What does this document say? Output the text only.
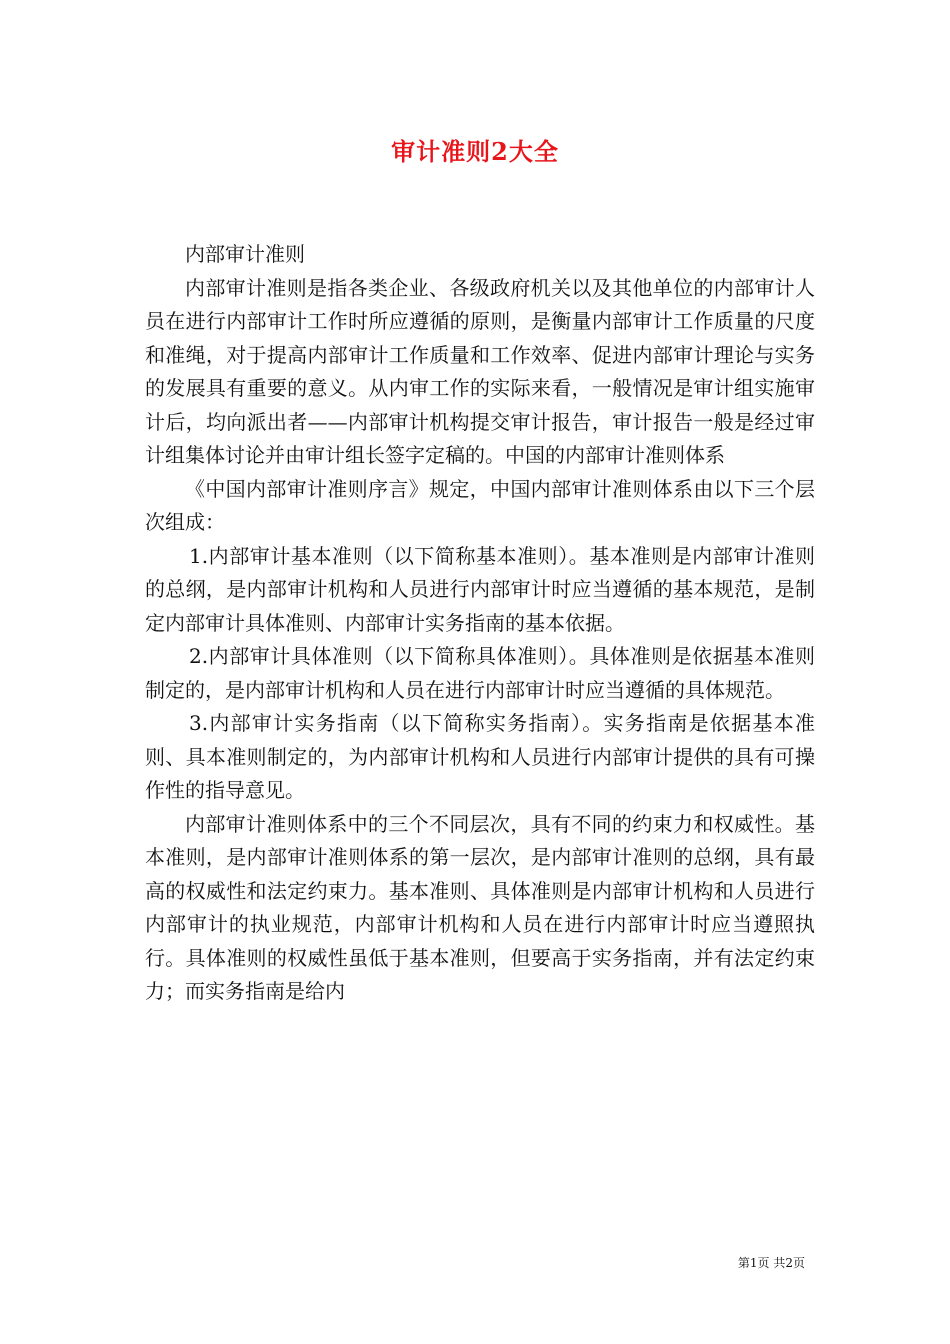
审计准则2大全

内部审计准则

内部审计准则是指各类企业、各级政府机关以及其他单位的内部审计人员在进行内部审计工作时所应遵循的原则，是衡量内部审计工作质量的尺度和准绳，对于提高内部审计工作质量和工作效率、促进内部审计理论与实务的发展具有重要的意义。从内审工作的实际来看，一般情况是审计组实施审计后，均向派出者——内部审计机构提交审计报告，审计报告一般是经过审计组集体讨论并由审计组长签字定稿的。中国的内部审计准则体系

《中国内部审计准则序言》规定，中国内部审计准则体系由以下三个层次组成：

1.内部审计基本准则（以下简称基本准则）。基本准则是内部审计准则的总纲，是内部审计机构和人员进行内部审计时应当遵循的基本规范，是制定内部审计具体准则、内部审计实务指南的基本依据。

2.内部审计具体准则（以下简称具体准则）。具体准则是依据基本准则制定的，是内部审计机构和人员在进行内部审计时应当遵循的具体规范。

3.内部审计实务指南（以下简称实务指南）。实务指南是依据基本准则、具本准则制定的，为内部审计机构和人员进行内部审计提供的具有可操作性的指导意见。

内部审计准则体系中的三个不同层次，具有不同的约束力和权威性。基本准则，是内部审计准则体系的第一层次，是内部审计准则的总纲，具有最高的权威性和法定约束力。基本准则、具体准则是内部审计机构和人员进行内部审计的执业规范，内部审计机构和人员在进行内部审计时应当遵照执行。具体准则的权威性虽低于基本准则，但要高于实务指南，并有法定约束力；而实务指南是给内

第1页 共2页
